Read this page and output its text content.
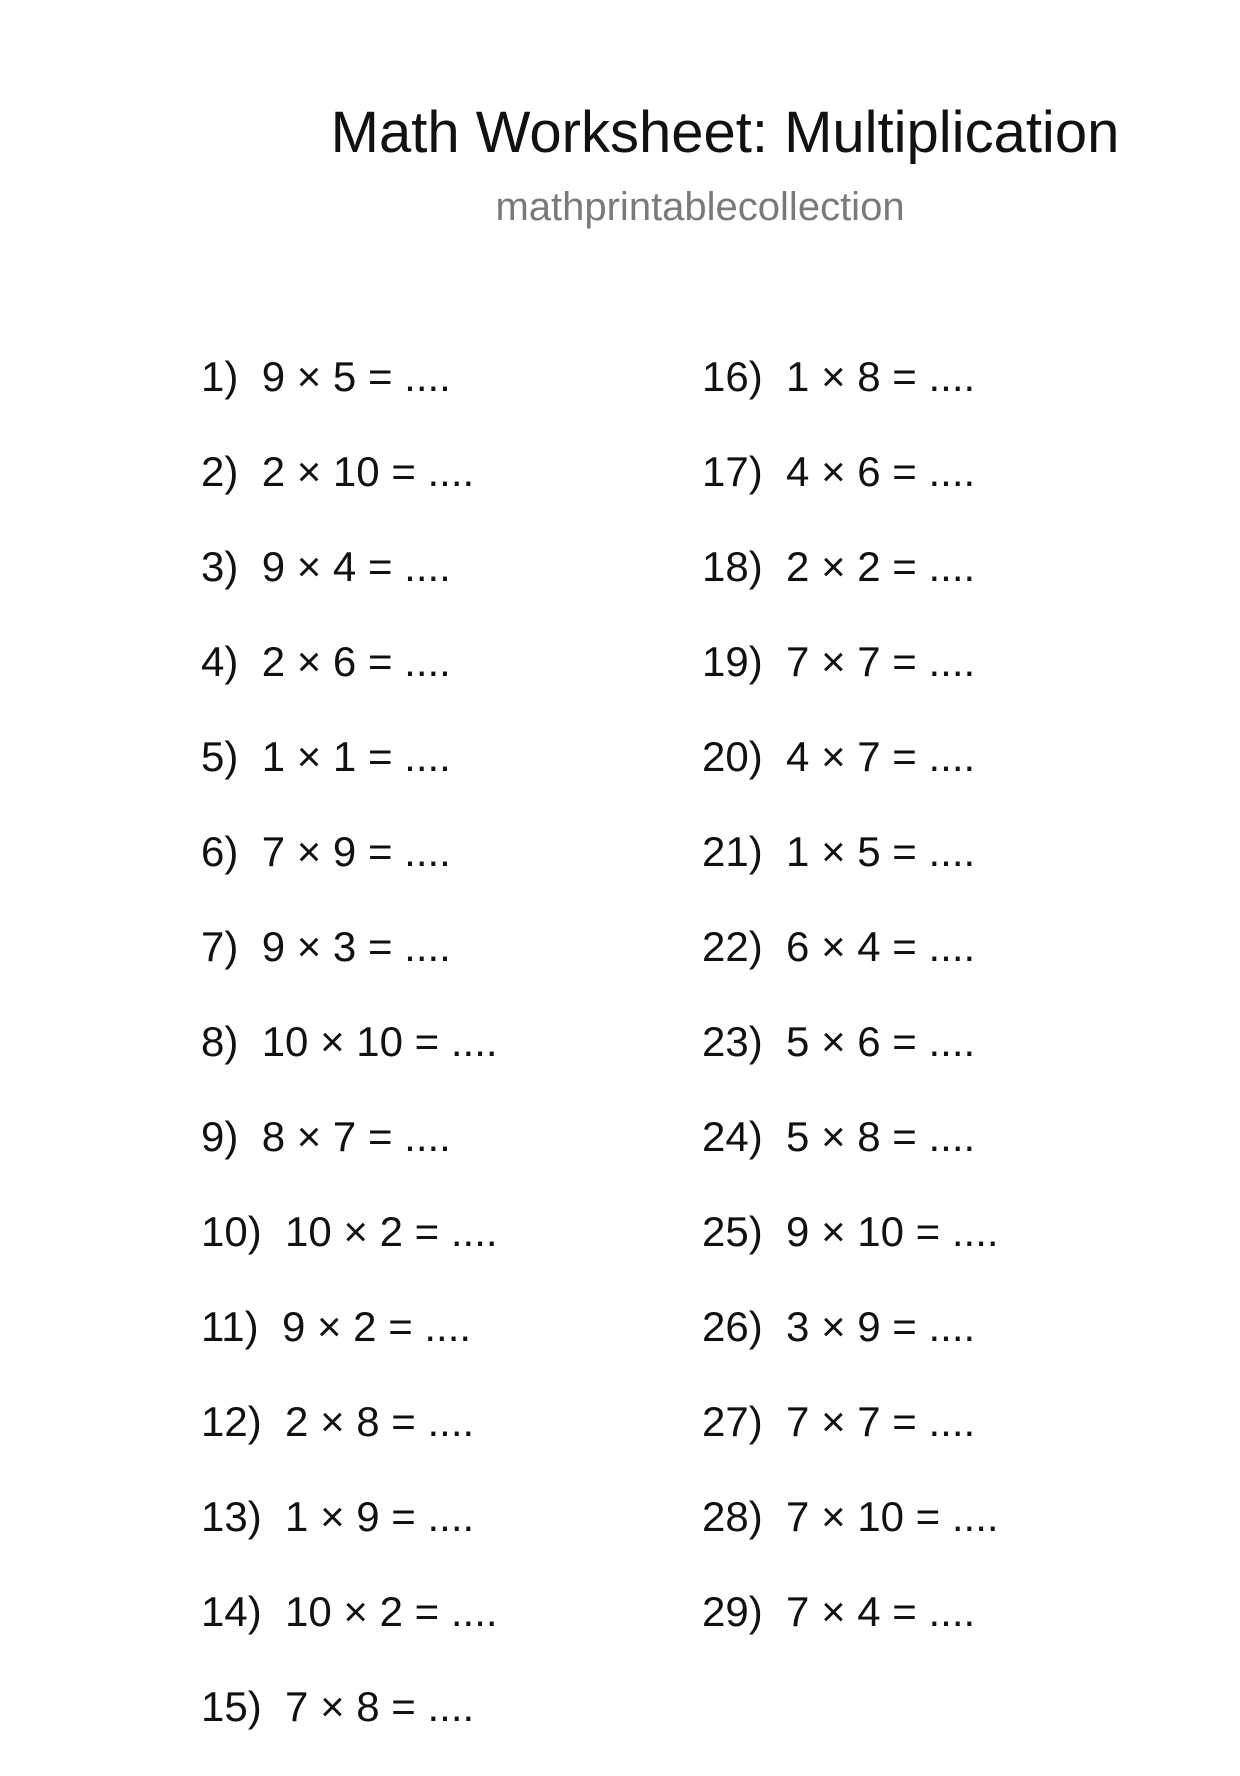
Math Worksheet: Multiplication
mathprintablecollection
1) 9 × 5 = ....
2) 2 × 10 = ....
3) 9 × 4 = ....
4) 2 × 6 = ....
5) 1 × 1 = ....
6) 7 × 9 = ....
7) 9 × 3 = ....
8) 10 × 10 = ....
9) 8 × 7 = ....
10) 10 × 2 = ....
11) 9 × 2 = ....
12) 2 × 8 = ....
13) 1 × 9 = ....
14) 10 × 2 = ....
15) 7 × 8 = ....
16) 1 × 8 = ....
17) 4 × 6 = ....
18) 2 × 2 = ....
19) 7 × 7 = ....
20) 4 × 7 = ....
21) 1 × 5 = ....
22) 6 × 4 = ....
23) 5 × 6 = ....
24) 5 × 8 = ....
25) 9 × 10 = ....
26) 3 × 9 = ....
27) 7 × 7 = ....
28) 7 × 10 = ....
29) 7 × 4 = ....
